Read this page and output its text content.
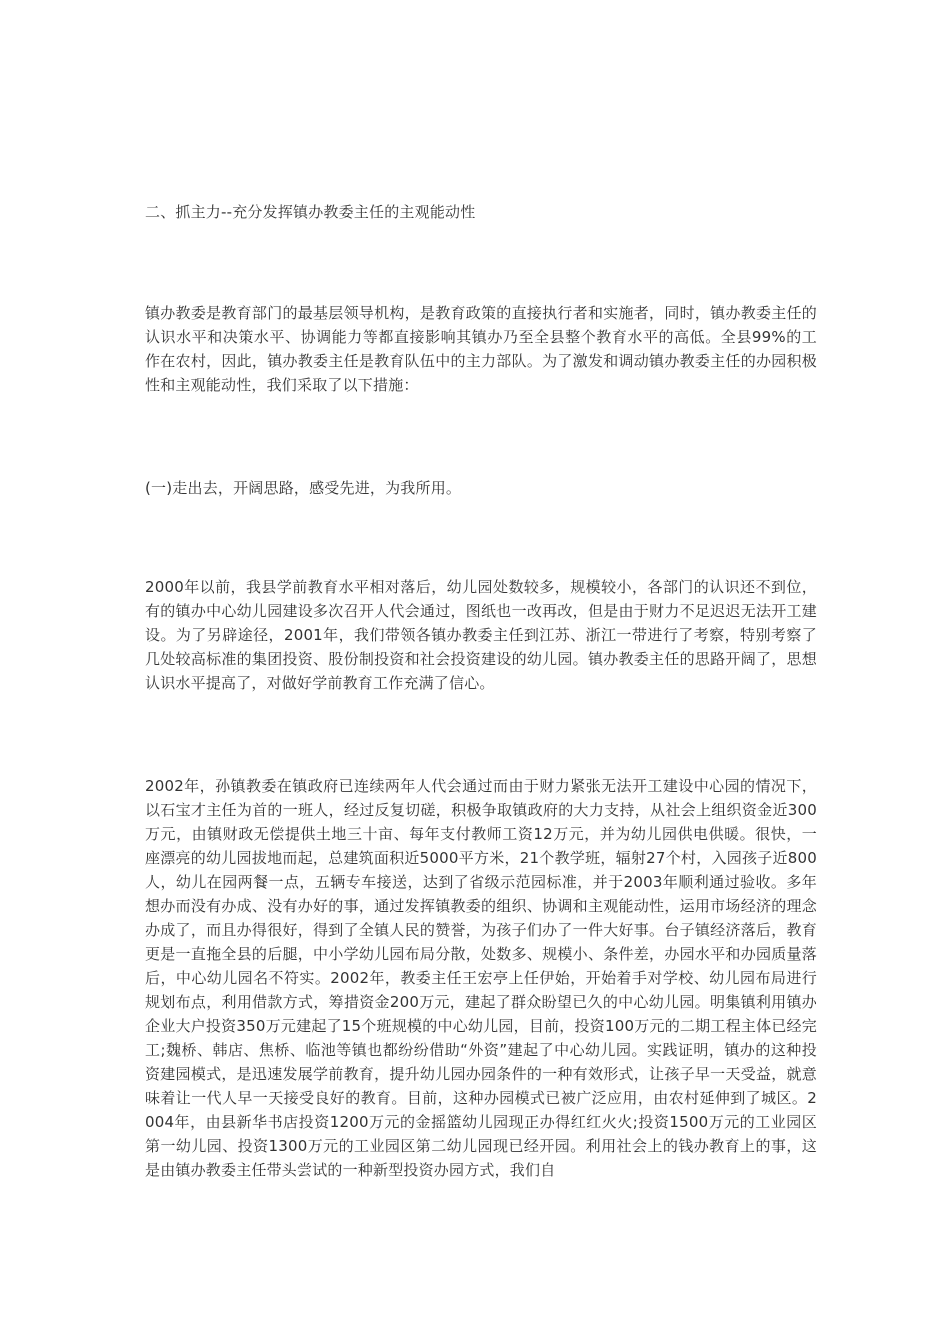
二、抓主力--充分发挥镇办教委主任的主观能动性
镇办教委是教育部门的最基层领导机构，是教育政策的直接执行者和实施者，同时，镇办教委主任的认识水平和决策水平、协调能力等都直接影响其镇办乃至全县整个教育水平的高低。全县99%的工作在农村，因此，镇办教委主任是教育队伍中的主力部队。为了激发和调动镇办教委主任的办园积极性和主观能动性，我们采取了以下措施：
(一)走出去，开阔思路，感受先进，为我所用。
2000年以前，我县学前教育水平相对落后，幼儿园处数较多，规模较小，各部门的认识还不到位，有的镇办中心幼儿园建设多次召开人代会通过，图纸也一改再改，但是由于财力不足迟迟无法开工建设。为了另辟途径，2001年，我们带领各镇办教委主任到江苏、浙江一带进行了考察，特别考察了几处较高标准的集团投资、股份制投资和社会投资建设的幼儿园。镇办教委主任的思路开阔了，思想认识水平提高了，对做好学前教育工作充满了信心。
2002年，孙镇教委在镇政府已连续两年人代会通过而由于财力紧张无法开工建设中心园的情况下，以石宝才主任为首的一班人，经过反复切磋，积极争取镇政府的大力支持，从社会上组织资金近300万元，由镇财政无偿提供土地三十亩、每年支付教师工资12万元，并为幼儿园供电供暖。很快，一座漂亮的幼儿园拔地而起，总建筑面积近5000平方米，21个教学班，辐射27个村，入园孩子近800人，幼儿在园两餐一点，五辆专车接送，达到了省级示范园标准，并于2003年顺利通过验收。多年想办而没有办成、没有办好的事，通过发挥镇教委的组织、协调和主观能动性，运用市场经济的理念办成了，而且办得很好，得到了全镇人民的赞誉，为孩子们办了一件大好事。台子镇经济落后，教育更是一直拖全县的后腿，中小学幼儿园布局分散，处数多、规模小、条件差，办园水平和办园质量落后，中心幼儿园名不符实。2002年，教委主任王宏亭上任伊始，开始着手对学校、幼儿园布局进行规划布点，利用借款方式，筹措资金200万元，建起了群众盼望已久的中心幼儿园。明集镇利用镇办企业大户投资350万元建起了15个班规模的中心幼儿园，目前，投资100万元的二期工程主体已经完工;魏桥、韩店、焦桥、临池等镇也都纷纷借助“外资”建起了中心幼儿园。实践证明，镇办的这种投资建园模式，是迅速发展学前教育，提升幼儿园办园条件的一种有效形式，让孩子早一天受益，就意味着让一代人早一天接受良好的教育。目前，这种办园模式已被广泛应用，由农村延伸到了城区。2004年，由县新华书店投资1200万元的金摇篮幼儿园现正办得红红火火;投资1500万元的工业园区第一幼儿园、投资1300万元的工业园区第二幼儿园现已经开园。利用社会上的钱办教育上的事，这是由镇办教委主任带头尝试的一种新型投资办园方式，我们自
